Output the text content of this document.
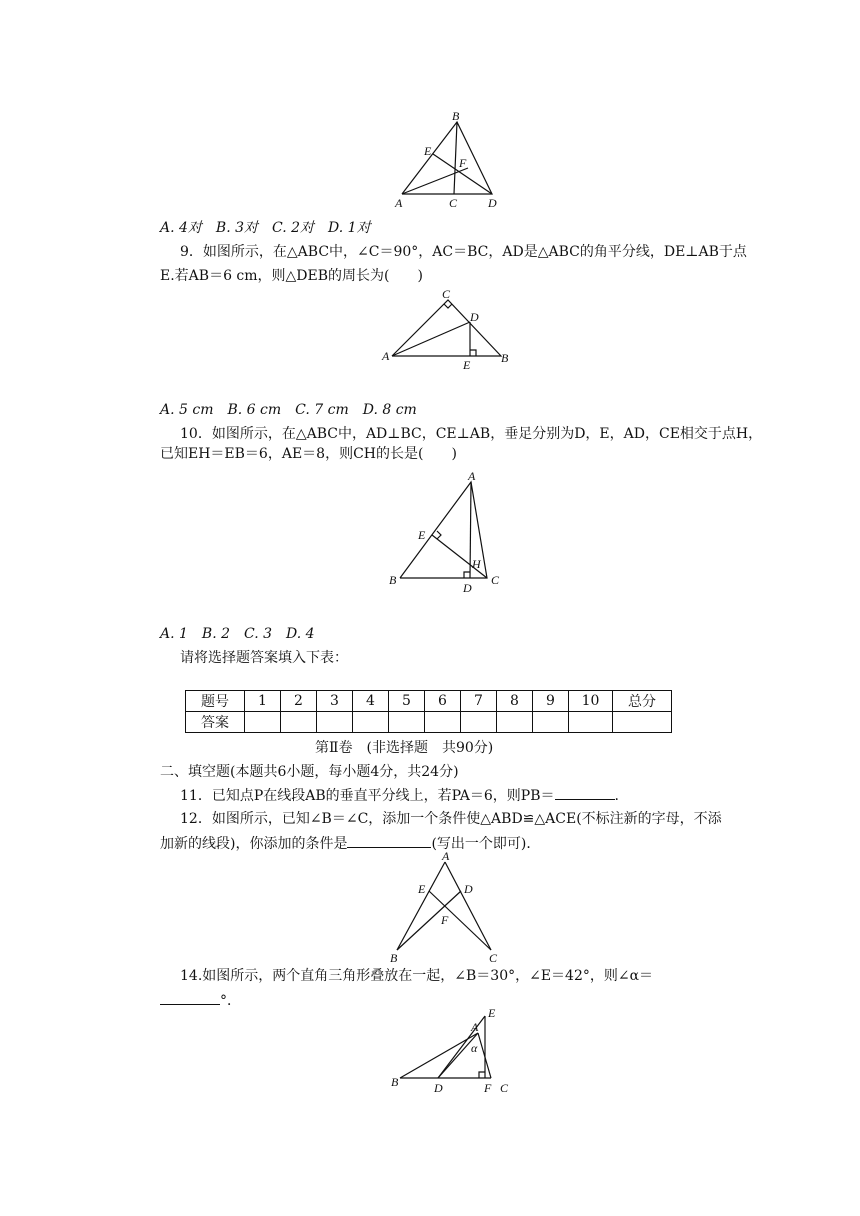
B
E
F
A	C	D
A. 4对　B. 3对　C. 2对　D. 1对
9．如图所示，在△ABC中，∠C＝90°，AC＝BC，AD是△ABC的角平分线，DE⊥AB于点
E.若AB＝6 cm，则△DEB的周长为(　　)
C
D
A
E	B
A. 5 cm　B. 6 cm　C. 7 cm　D. 8 cm
10．如图所示，在△ABC中，AD⊥BC，CE⊥AB，垂足分别为D，E，AD，CE相交于点H，
已知EH＝EB＝6，AE＝8，则CH的长是(　　)
A
E
H
B
D
C
A. 1　B. 2　C. 3　D. 4
请将选择题答案填入下表：
题号	1	2	3	4	5	6	7	8	9	10	总分
答案											
第Ⅱ卷　(非选择题　共90分)
二、填空题(本题共6小题，每小题4分，共24分)
11．已知点P在线段AB的垂直平分线上，若PA＝6，则PB＝	.
12．如图所示，已知∠B＝∠C，添加一个条件使△ABD≌△ACE(不标注新的字母，不添
加新的线段)，你添加的条件是	(写出一个即可)．
A
E	D
F
B	C
14.如图所示，两个直角三角形叠放在一起，∠B＝30°，∠E＝42°，则∠α＝
°．
E
A
α
B	D	F C
